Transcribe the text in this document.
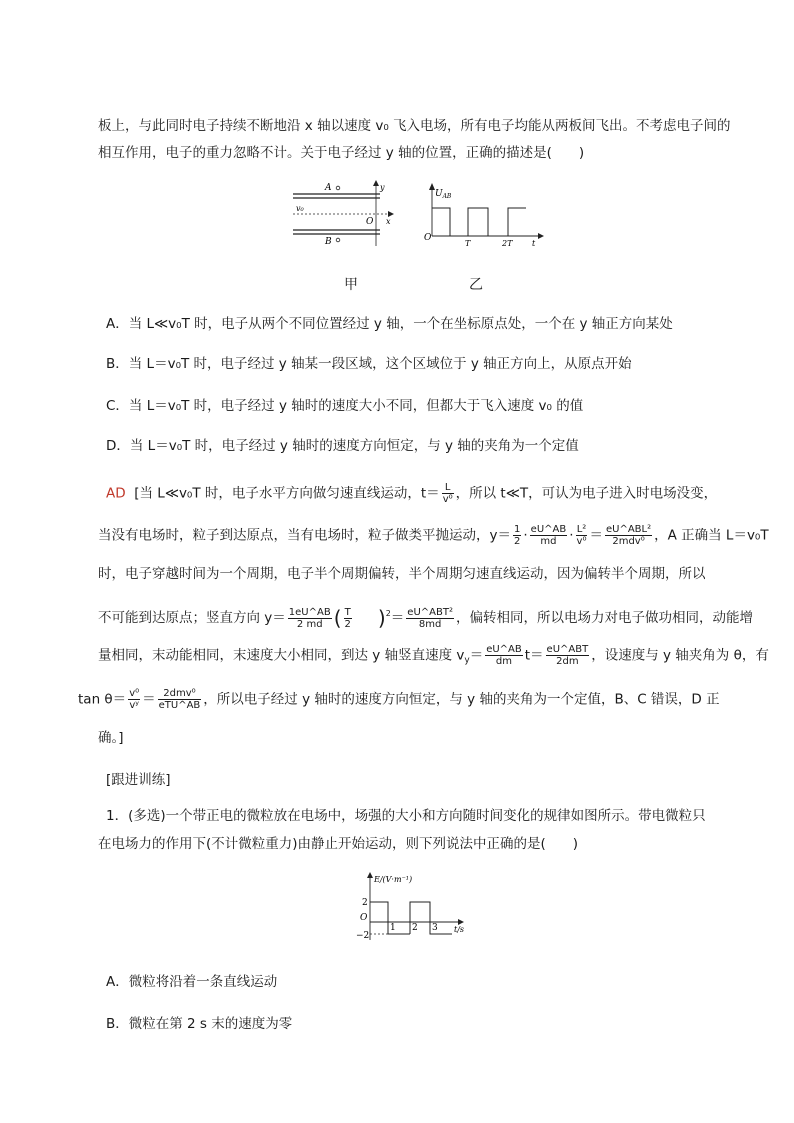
板上，与此同时电子持续不断地沿 x 轴以速度 v₀ 飞入电场，所有电子均能从两板间飞出。不考虑电子间的
相互作用，电子的重力忽略不计。关于电子经过 y 轴的位置，正确的描述是(　　)
A
B
v₀
O x
y
$U_{AB}$
O
T	2T t
甲	乙
A．当 L≪v₀T 时，电子从两个不同位置经过 y 轴，一个在坐标原点处，一个在 y 轴正方向某处
B．当 L＝v₀T 时，电子经过 y 轴某一段区域，这个区域位于 y 轴正方向上，从原点开始
C．当 L＝v₀T 时，电子经过 y 轴时的速度大小不同，但都大于飞入速度 v₀ 的值
D．当 L＝v₀T 时，电子经过 y 轴时的速度方向恒定，与 y 轴的夹角为一个定值
AD [当 L≪v₀T 时，电子水平方向做匀速直线运动，$t= \frac{L}{\text{v⁰}}$ ，所以 t≪T，可认为电子进入时电场没变，
当没有电场时，粒子到达原点，当有电场时，粒子做类平抛运动，$y= \frac{1}{2} \cdot \frac{eU\^{}AB}{md} \cdot \frac{\text{L²}}{\text{v⁰}} = \frac{\text{eU\textasciicircum{}ABL²}}{\text{2mdv⁰}}$ ，A 正确当 L＝v₀T
时，电子穿越时间为一个周期，电子半个周期偏转，半个周期匀速直线运动，因为偏转半个周期，所以
不可能到达原点；竖直方向 $y= \frac{1eU\^{}AB}{2 md}$ ( $\frac{T}{2} )^2= \frac{\text{eU\textasciicircum{}ABT²}}{8md}$ ，偏转相同，所以电场力对电子做功相同，动能增
量相同，末动能相同，末速度大小相同，到达 y 轴竖直速度 $v_y= \frac{eU\^{}AB}{dm} t= \frac{\text{eU\textasciicircum{}ABT}}{2dm}$ ，设速度与 y 轴夹角为 θ，有
$\tan \theta= \frac{\text{v⁰}}{\text{vʸ}} = \frac{\text{2dmv⁰}}{\text{eTU\textasciicircum{}AB}}$ ，所以电子经过 y 轴时的速度方向恒定，与 y 轴的夹角为一个定值，B、C 错误，D 正
确。]
[跟进训练]
1．(多选)一个带正电的微粒放在电场中，场强的大小和方向随时间变化的规律如图所示。带电微粒只
在电场力的作用下(不计微粒重力)由静止开始运动，则下列说法中正确的是(　　)
E/(V·m⁻¹)
2
O
−2
1 2 3 t/s
A．微粒将沿着一条直线运动
B．微粒在第 2 s 末的速度为零
